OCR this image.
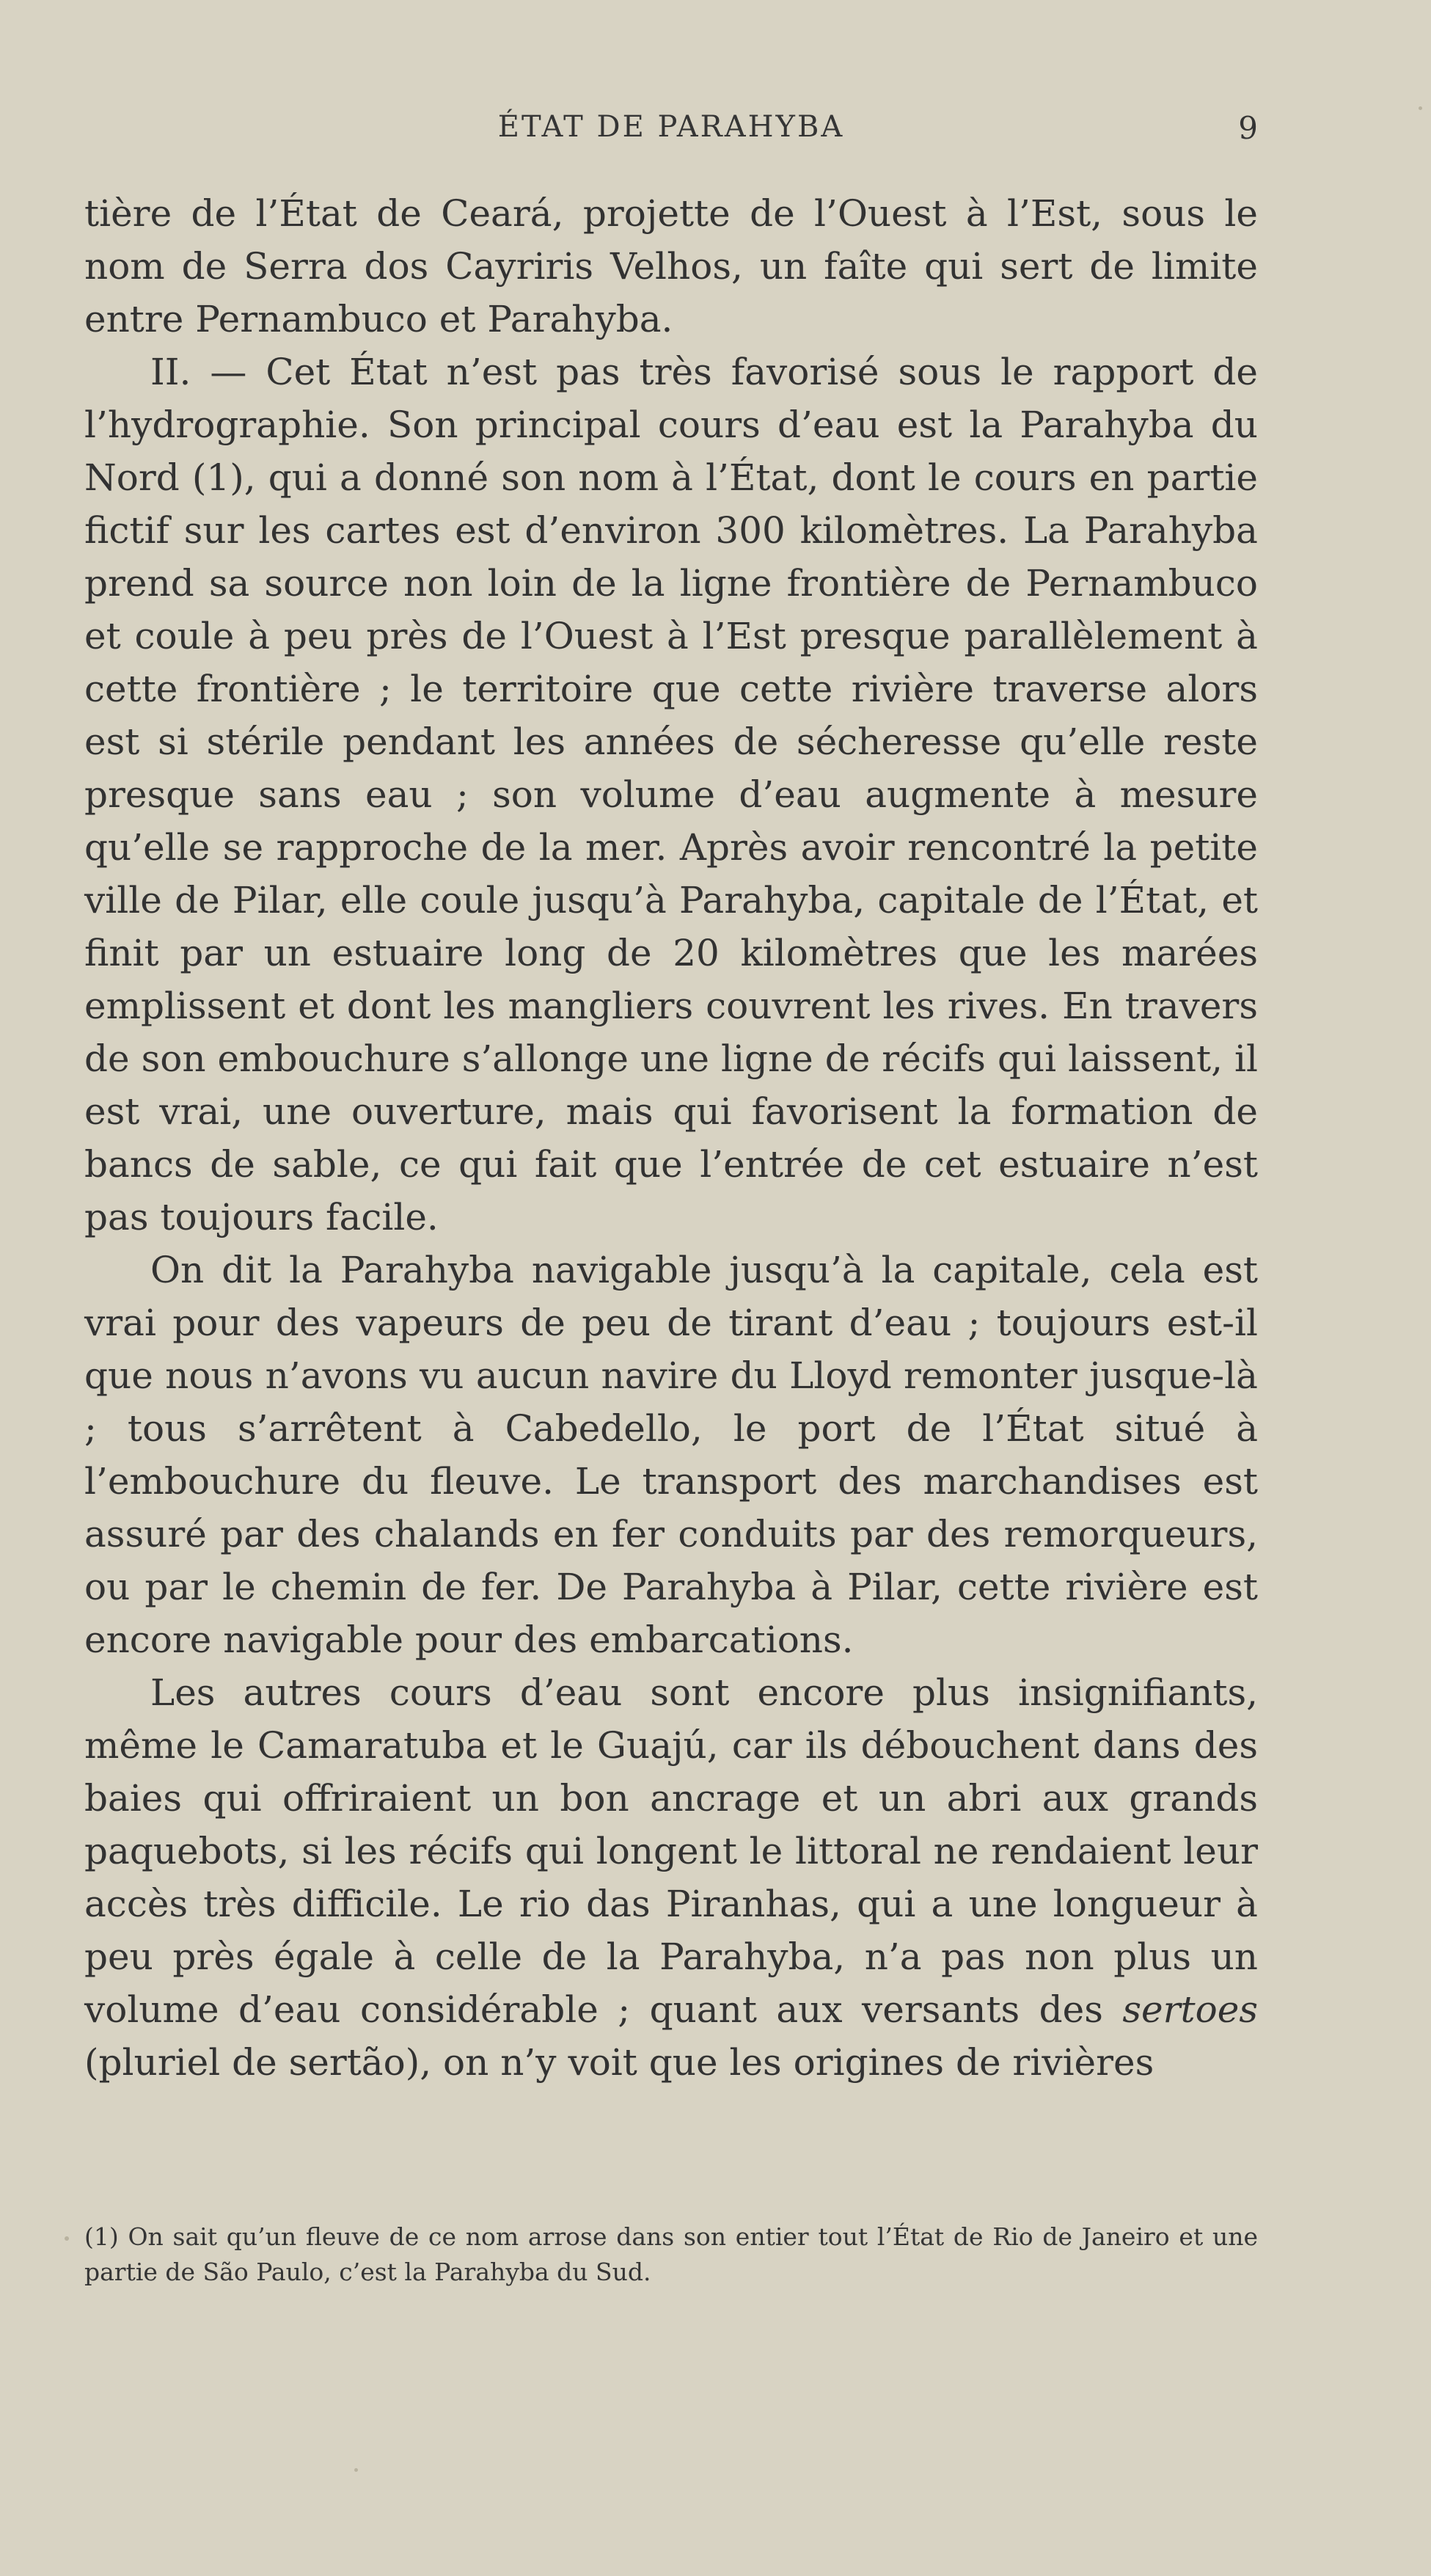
ÉTAT DE PARAHYBA	9

tière de l’État de Ceará, projette de l’Ouest à l’Est, sous le nom de Serra dos Cayriris Velhos, un faîte qui sert de limite entre Pernambuco et Parahyba.

II. — Cet État n’est pas très favorisé sous le rapport de l’hydrographie. Son principal cours d’eau est la Parahyba du Nord (1), qui a donné son nom à l’État, dont le cours en partie fictif sur les cartes est d’environ 300 kilomètres. La Parahyba prend sa source non loin de la ligne frontière de Pernambuco et coule à peu près de l’Ouest à l’Est presque parallèlement à cette frontière ; le territoire que cette rivière traverse alors est si stérile pendant les années de sécheresse qu’elle reste presque sans eau ; son volume d’eau augmente à mesure qu’elle se rapproche de la mer. Après avoir rencontré la petite ville de Pilar, elle coule jusqu’à Parahyba, capitale de l’État, et finit par un estuaire long de 20 kilomètres que les marées emplissent et dont les mangliers couvrent les rives. En travers de son embouchure s’allonge une ligne de récifs qui laissent, il est vrai, une ouverture, mais qui favorisent la formation de bancs de sable, ce qui fait que l’entrée de cet estuaire n’est pas toujours facile.

On dit la Parahyba navigable jusqu’à la capitale, cela est vrai pour des vapeurs de peu de tirant d’eau ; toujours est-il que nous n’avons vu aucun navire du Lloyd remonter jusque-là ; tous s’arrêtent à Cabedello, le port de l’État situé à l’embouchure du fleuve. Le transport des marchandises est assuré par des chalands en fer conduits par des remorqueurs, ou par le chemin de fer. De Parahyba à Pilar, cette rivière est encore navigable pour des embarcations.

Les autres cours d’eau sont encore plus insignifiants, même le Camaratuba et le Guajú, car ils débouchent dans des baies qui offriraient un bon ancrage et un abri aux grands paquebots, si les récifs qui longent le littoral ne rendaient leur accès très difficile. Le rio das Piranhas, qui a une longueur à peu près égale à celle de la Parahyba, n’a pas non plus un volume d’eau considérable ; quant aux versants des sertoes (pluriel de sertão), on n’y voit que les origines de rivières

(1) On sait qu’un fleuve de ce nom arrose dans son entier tout l’État de Rio de Janeiro et une partie de São Paulo, c’est la Parahyba du Sud.
